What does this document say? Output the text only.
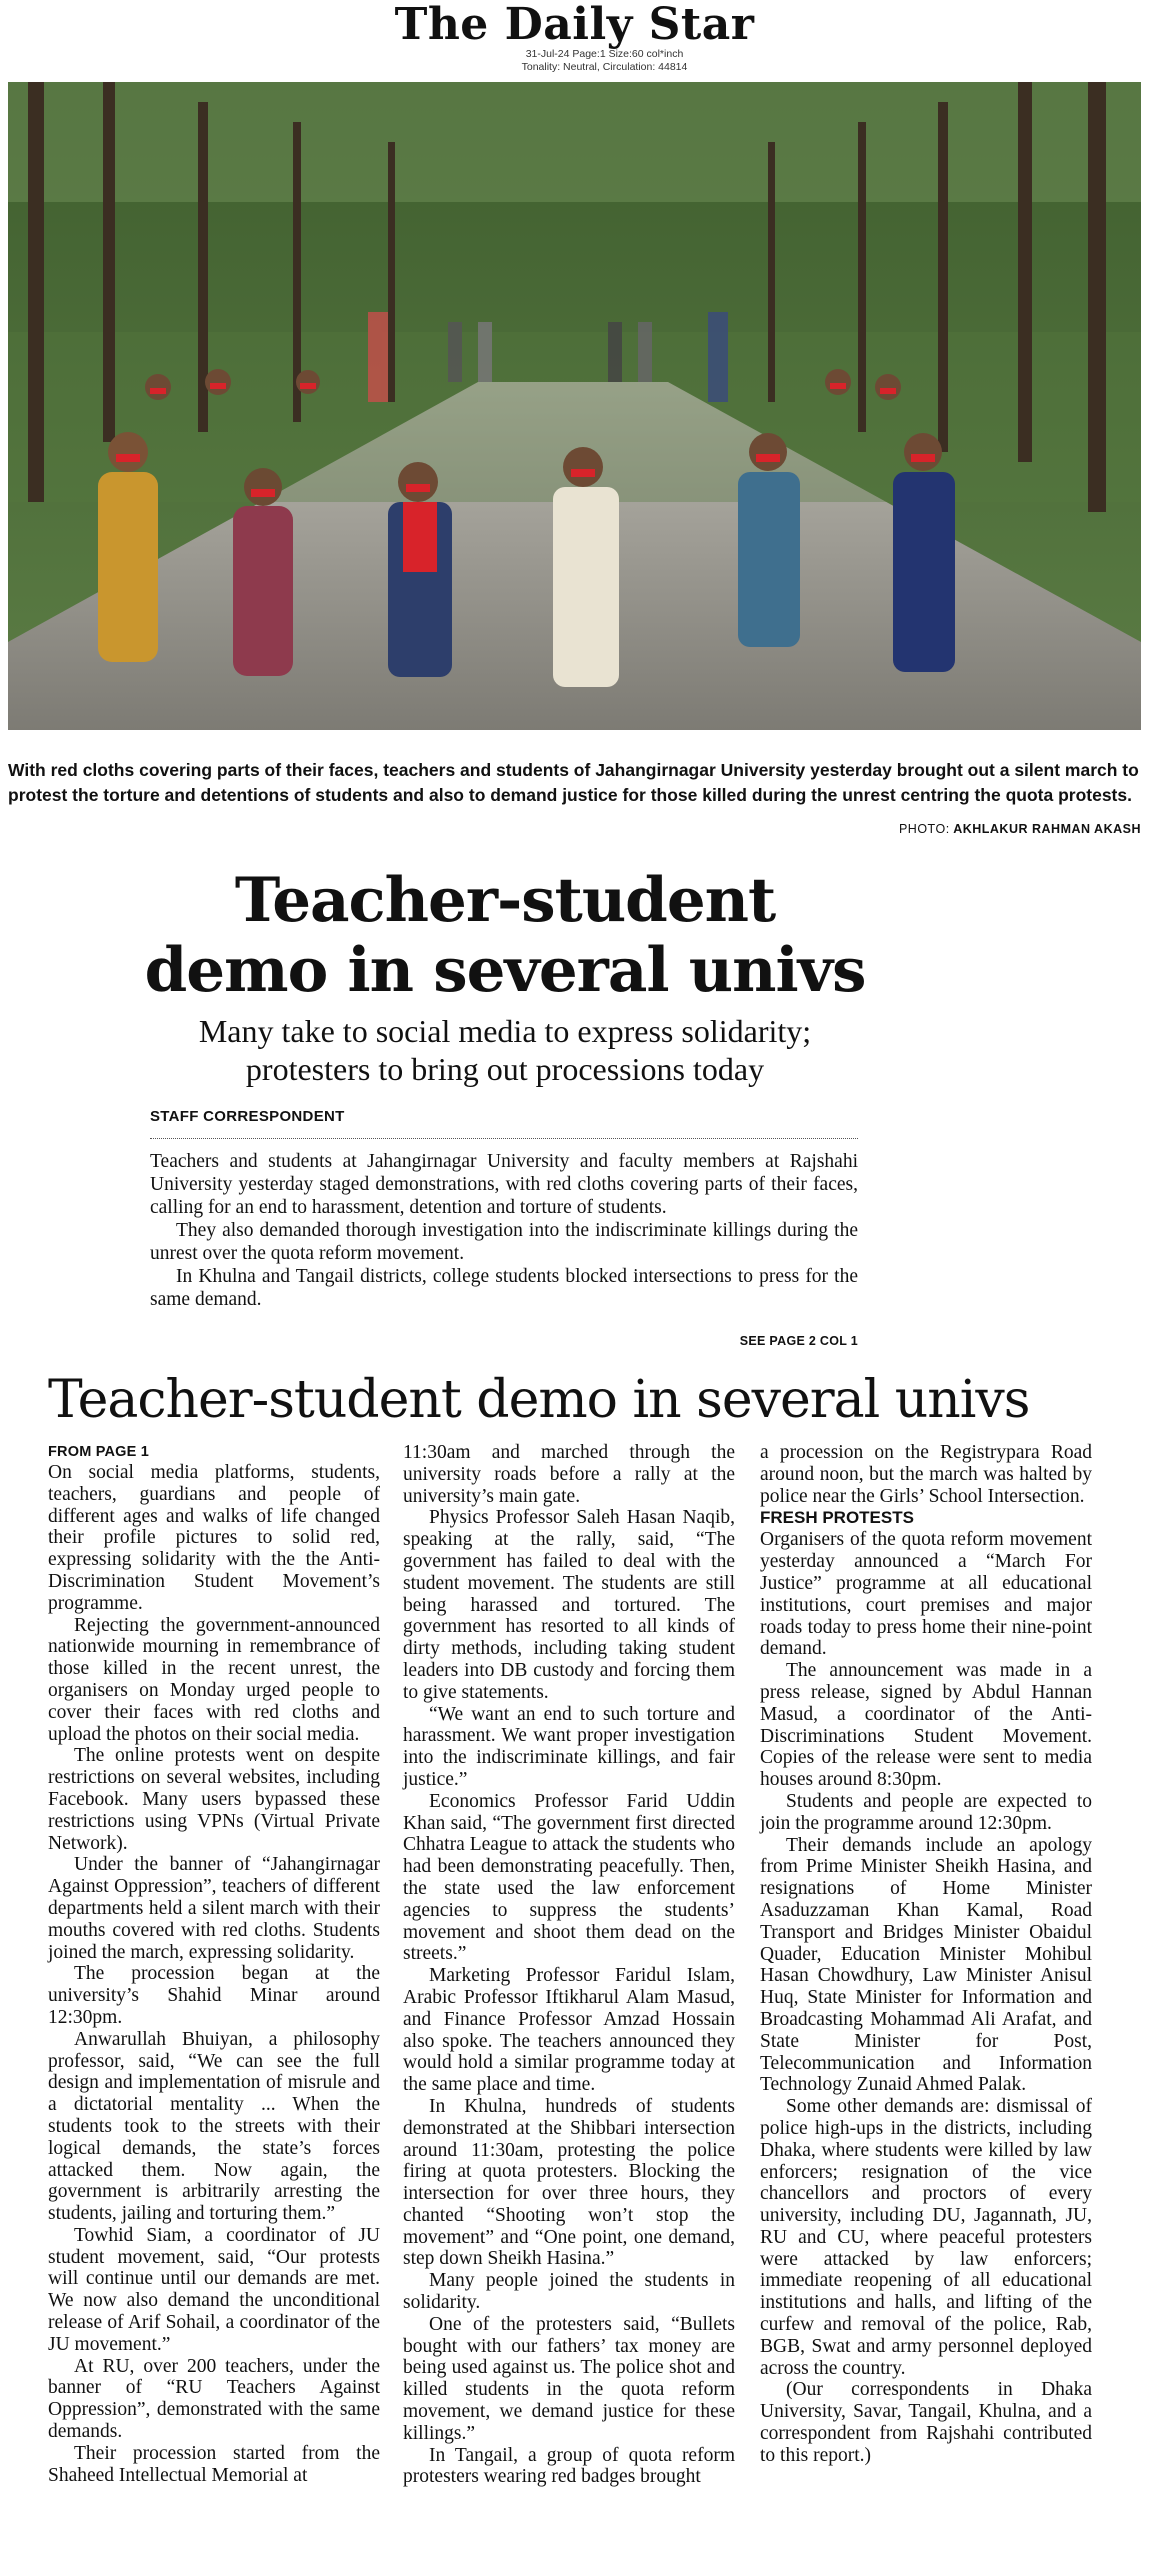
The Daily Star
31-Jul-24 Page:1 Size:60 col*inch
Tonality: Neutral, Circulation: 44814
With red cloths covering parts of their faces, teachers and students of Jahangirnagar University yesterday brought out a silent march to protest the torture and detentions of students and also to demand justice for those killed during the unrest centring the quota protests.
PHOTO: AKHLAKUR RAHMAN AKASH
Teacher-student
demo in several univs
Many take to social media to express solidarity;
protesters to bring out processions today
STAFF CORRESPONDENT

Teachers and students at Jahangirnagar University and faculty members at Rajshahi University yesterday staged demonstrations, with red cloths covering parts of their faces, calling for an end to harassment, detention and torture of students.

They also demanded thorough investigation into the indiscriminate killings during the unrest over the quota reform movement.

In Khulna and Tangail districts, college students blocked intersections to press for the same demand.

SEE PAGE 2 COL 1
Teacher-student demo in several univs
FROM PAGE 1

On social media platforms, students, teachers, guardians and people of different ages and walks of life changed their profile pictures to solid red, expressing solidarity with the the Anti-Discrimination Student Movement’s programme.

Rejecting the government-announced nationwide mourning in remembrance of those killed in the recent unrest, the organisers on Monday urged people to cover their faces with red cloths and upload the photos on their social media.

The online protests went on despite restrictions on several websites, including Facebook. Many users bypassed these restrictions using VPNs (Virtual Private Network).

Under the banner of “Jahangirnagar Against Oppression”, teachers of different departments held a silent march with their mouths covered with red cloths. Students joined the march, expressing solidarity.

The procession began at the university’s Shahid Minar around 12:30pm.

Anwarullah Bhuiyan, a philosophy professor, said, “We can see the full design and implementation of misrule and a dictatorial mentality ... When the students took to the streets with their logical demands, the state’s forces attacked them. Now again, the government is arbitrarily arresting the students, jailing and torturing them.”

Towhid Siam, a coordinator of JU student movement, said, “Our protests will continue until our demands are met. We now also demand the unconditional release of Arif Sohail, a coordinator of the JU movement.”

At RU, over 200 teachers, under the banner of “RU Teachers Against Oppression”, demonstrated with the same demands.

Their procession started from the Shaheed Intellectual Memorial at

11:30am and marched through the university roads before a rally at the university’s main gate.

Physics Professor Saleh Hasan Naqib, speaking at the rally, said, “The government has failed to deal with the student movement. The students are still being harassed and tortured. The government has resorted to all kinds of dirty methods, including taking student leaders into DB custody and forcing them to give statements.

“We want an end to such torture and harassment. We want proper investigation into the indiscriminate killings, and fair justice.”

Economics Professor Farid Uddin Khan said, “The government first directed Chhatra League to attack the students who had been demonstrating peacefully. Then, the state used the law enforcement agencies to suppress the students’ movement and shoot them dead on the streets.”

Marketing Professor Faridul Islam, Arabic Professor Iftikharul Alam Masud, and Finance Professor Amzad Hossain also spoke. The teachers announced they would hold a similar programme today at the same place and time.

In Khulna, hundreds of students demonstrated at the Shibbari intersection around 11:30am, protesting the police firing at quota protesters. Blocking the intersection for over three hours, they chanted “Shooting won’t stop the movement” and “One point, one demand, step down Sheikh Hasina.”

Many people joined the students in solidarity.

One of the protesters said, “Bullets bought with our fathers’ tax money are being used against us. The police shot and killed students in the quota reform movement, we demand justice for these killings.”

In Tangail, a group of quota reform protesters wearing red badges brought

a procession on the Registrypara Road around noon, but the march was halted by police near the Girls’ School Intersection.

FRESH PROTESTS

Organisers of the quota reform movement yesterday announced a “March For Justice” programme at all educational institutions, court premises and major roads today to press home their nine-point demand.

The announcement was made in a press release, signed by Abdul Hannan Masud, a coordinator of the Anti-Discriminations Student Movement. Copies of the release were sent to media houses around 8:30pm.

Students and people are expected to join the programme around 12:30pm.

Their demands include an apology from Prime Minister Sheikh Hasina, and resignations of Home Minister Asaduzzaman Khan Kamal, Road Transport and Bridges Minister Obaidul Quader, Education Minister Mohibul Hasan Chowdhury, Law Minister Anisul Huq, State Minister for Information and Broadcasting Mohammad Ali Arafat, and State Minister for Post, Telecommunication and Information Technology Zunaid Ahmed Palak.

Some other demands are: dismissal of police high-ups in the districts, including Dhaka, where students were killed by law enforcers; resignation of the vice chancellors and proctors of every university, including DU, Jagannath, JU, RU and CU, where peaceful protesters were attacked by law enforcers; immediate reopening of all educational institutions and halls, and lifting of the curfew and removal of the police, Rab, BGB, Swat and army personnel deployed across the country.

(Our correspondents in Dhaka University, Savar, Tangail, Khulna, and a correspondent from Rajshahi contributed to this report.)
